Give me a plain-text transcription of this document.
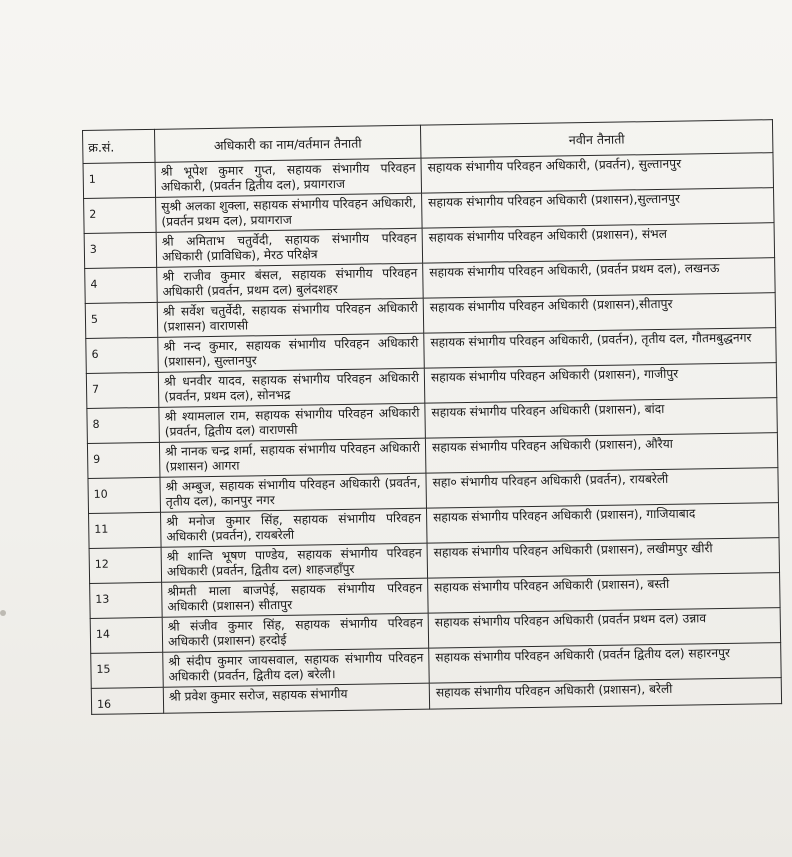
क्र.सं.	अधिकारी का नाम/वर्तमान तैनाती	नवीन तैनाती
1	श्री भूपेश कुमार गुप्त, सहायक संभागीय परिवहन अधिकारी, (प्रवर्तन द्वितीय दल), प्रयागराज	सहायक संभागीय परिवहन अधिकारी, (प्रवर्तन), सुल्तानपुर
2	सुश्री अलका शुक्ला, सहायक संभागीय परिवहन अधिकारी, (प्रवर्तन प्रथम दल), प्रयागराज	सहायक संभागीय परिवहन अधिकारी (प्रशासन),सुल्तानपुर
3	श्री अमिताभ चतुर्वेदी, सहायक संभागीय परिवहन अधिकारी (प्राविधिक), मेरठ परिक्षेत्र	सहायक संभागीय परिवहन अधिकारी (प्रशासन), संभल
4	श्री राजीव कुमार बंसल, सहायक संभागीय परिवहन अधिकारी (प्रवर्तन, प्रथम दल) बुलंदशहर	सहायक संभागीय परिवहन अधिकारी, (प्रवर्तन प्रथम दल), लखनऊ
5	श्री सर्वेश चतुर्वेदी, सहायक संभागीय परिवहन अधिकारी (प्रशासन) वाराणसी	सहायक संभागीय परिवहन अधिकारी (प्रशासन),सीतापुर
6	श्री नन्द कुमार, सहायक संभागीय परिवहन अधिकारी (प्रशासन), सुल्तानपुर	सहायक संभागीय परिवहन अधिकारी, (प्रवर्तन), तृतीय दल, गौतमबुद्धनगर
7	श्री धनवीर यादव, सहायक संभागीय परिवहन अधिकारी (प्रवर्तन, प्रथम दल), सोनभद्र	सहायक संभागीय परिवहन अधिकारी (प्रशासन), गाजीपुर
8	श्री श्यामलाल राम, सहायक संभागीय परिवहन अधिकारी (प्रवर्तन, द्वितीय दल) वाराणसी	सहायक संभागीय परिवहन अधिकारी (प्रशासन), बांदा
9	श्री नानक चन्द्र शर्मा, सहायक संभागीय परिवहन अधिकारी (प्रशासन) आगरा	सहायक संभागीय परिवहन अधिकारी (प्रशासन), औरैया
10	श्री अम्बुज, सहायक संभागीय परिवहन अधिकारी (प्रवर्तन, तृतीय दल), कानपुर नगर	सहा० संभागीय परिवहन अधिकारी (प्रवर्तन), रायबरेली
11	श्री मनोज कुमार सिंह, सहायक संभागीय परिवहन अधिकारी (प्रवर्तन), रायबरेली	सहायक संभागीय परिवहन अधिकारी (प्रशासन), गाजियाबाद
12	श्री शान्ति भूषण पाण्डेय, सहायक संभागीय परिवहन अधिकारी (प्रवर्तन, द्वितीय दल) शाहजहाँपुर	सहायक संभागीय परिवहन अधिकारी (प्रशासन), लखीमपुर खीरी
13	श्रीमती माला बाजपेई, सहायक संभागीय परिवहन अधिकारी (प्रशासन) सीतापुर	सहायक संभागीय परिवहन अधिकारी (प्रशासन), बस्ती
14	श्री संजीव कुमार सिंह, सहायक संभागीय परिवहन अधिकारी (प्रशासन) हरदोई	सहायक संभागीय परिवहन अधिकारी (प्रवर्तन प्रथम दल) उन्नाव
15	श्री संदीप कुमार जायसवाल, सहायक संभागीय परिवहन अधिकारी (प्रवर्तन, द्वितीय दल) बरेली।	सहायक संभागीय परिवहन अधिकारी (प्रवर्तन द्वितीय दल) सहारनपुर
16	श्री प्रवेश कुमार सरोज, सहायक संभागीय	सहायक संभागीय परिवहन अधिकारी (प्रशासन), बरेली
